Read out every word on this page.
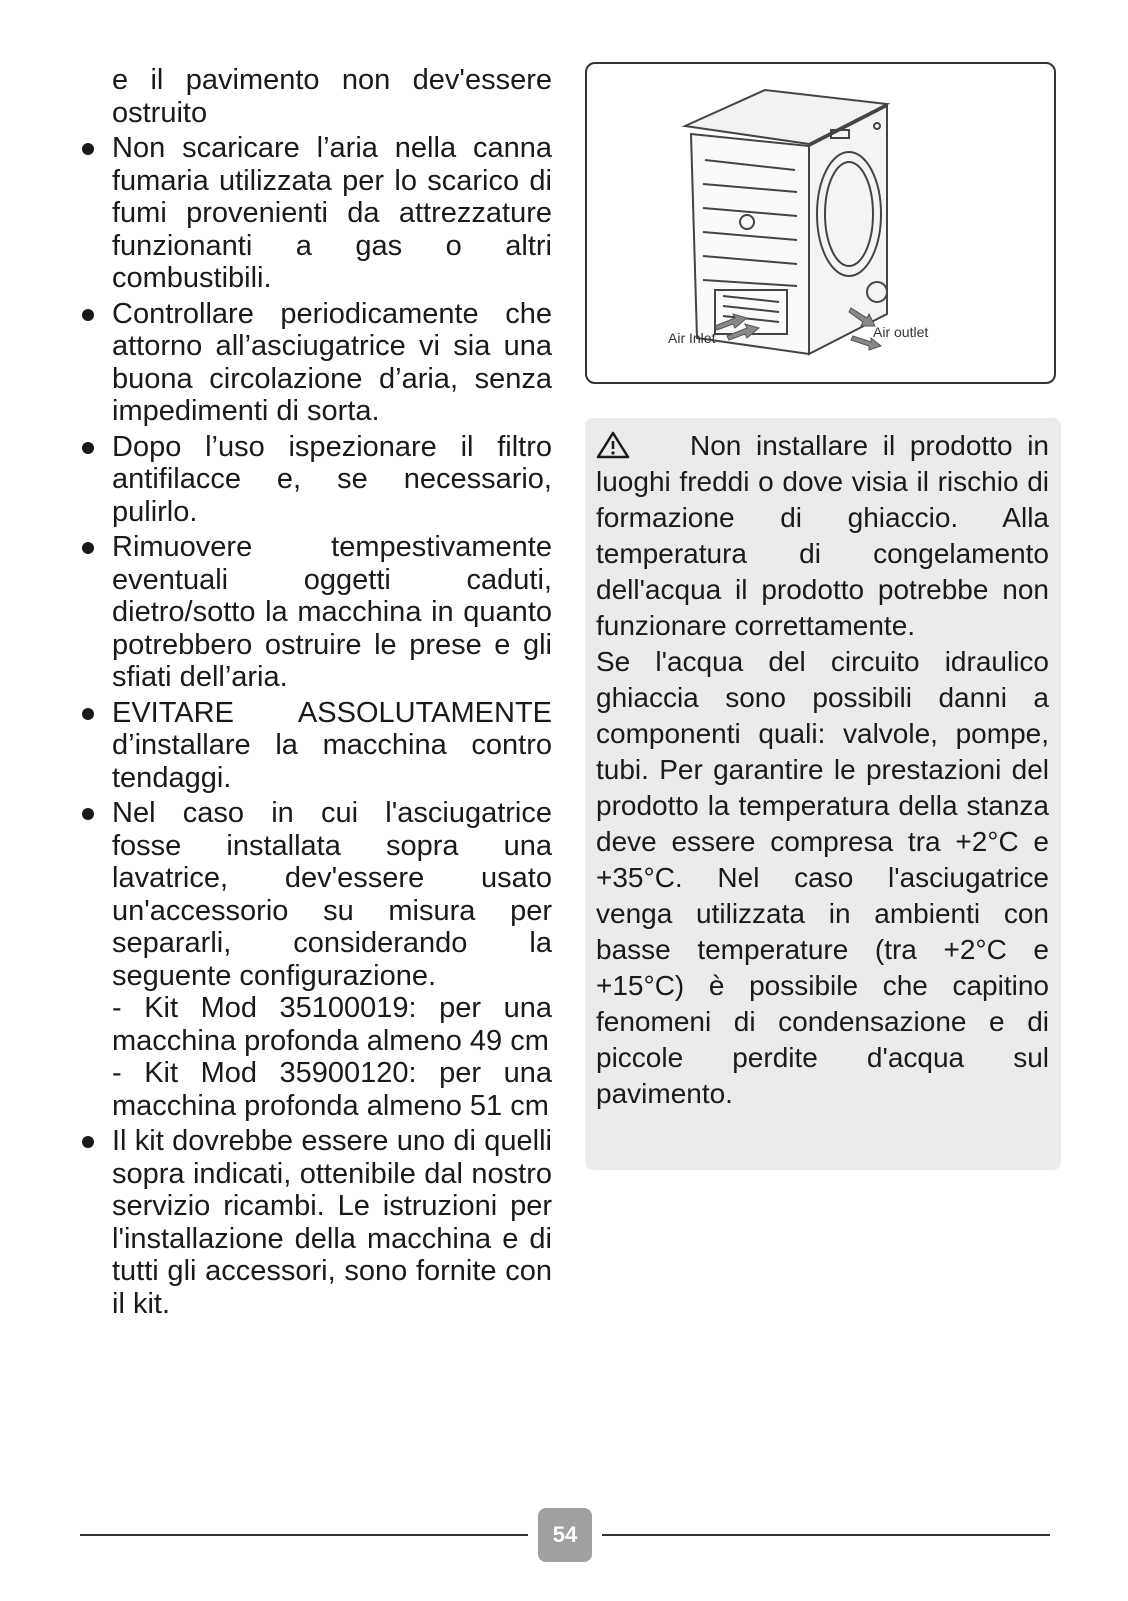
e il pavimento non dev'essere ostruito

Non scaricare l’aria nella canna fumaria utilizzata per lo scarico di fumi provenienti da attrezzature funzionanti a gas o altri combustibili.

Controllare periodicamente che attorno all’asciugatrice vi sia una buona circolazione d’aria, senza impedimenti di sorta.

Dopo l’uso ispezionare il filtro antifilacce e, se necessario, pulirlo.

Rimuovere tempestivamente eventuali oggetti caduti, dietro/sotto la macchina in quanto potrebbero ostruire le prese e gli sfiati dell’aria.

EVITARE ASSOLUTAMENTE d’installare la macchina contro tendaggi.

Nel caso in cui l'asciugatrice fosse installata sopra una lavatrice, dev'essere usato un'accessorio su misura per separarli, considerando la seguente configurazione.

- Kit Mod 35100019: per una macchina profonda almeno 49 cm

- Kit Mod 35900120: per una macchina profonda almeno 51 cm

Il kit dovrebbe essere uno di quelli sopra indicati, ottenibile dal nostro servizio ricambi. Le istruzioni per l'installazione della macchina e di tutti gli accessori, sono fornite con il kit.

Air Inlet	Air outlet

Non installare il prodotto in luoghi freddi o dove visia il rischio di formazione di ghiaccio. Alla temperatura di congelamento dell'acqua il prodotto potrebbe non funzionare correttamente.

Se l'acqua del circuito idraulico ghiaccia sono possibili danni a componenti quali: valvole, pompe, tubi. Per garantire le prestazioni del prodotto la temperatura della stanza deve essere compresa tra +2°C e +35°C. Nel caso l'asciugatrice venga utilizzata in ambienti con basse temperature (tra +2°C e +15°C) è possibile che capitino fenomeni di condensazione e di piccole perdite d'acqua sul pavimento.

54
